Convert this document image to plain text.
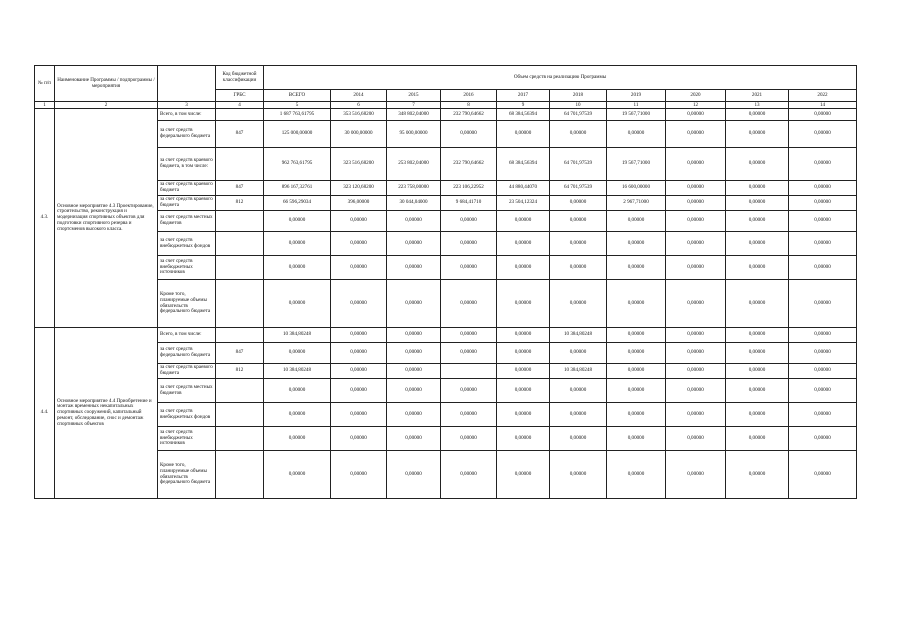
№ п/п	Наименование Программы / подпрограммы / мероприятия		Код бюджетной классификации	Объем средств на реализацию Программы									
			ГРБС	ВСЕГО	2014	2015	2016	2017	2018	2019	2020	2021	2022
1	2	3	4	5	6	7	8	9	10	11	12	13	14
4.3.	Основное мероприятие 4.3 Проектирование, строительство, реконструкция и модернизация спортивных объектов для подготовки спортивного резерва и спортсменов высокого класса.	Всего, в том числе:		1 687 763,61795	353 516,68200	348 802,04000	232 790,64662	68 384,56394	64 701,97539	19 567,71000	0,00000	0,00000	0,00000
		за счет средств федерального бюджета	847	125 000,00000	30 000,00000	95 000,00000	0,00000	0,00000	0,00000	0,00000	0,00000	0,00000	0,00000
		за счет средств краевого бюджета, в том числе:		962 763,61795	323 516,68200	253 802,04000	232 790,64662	68 384,56394	64 701,97539	19 567,71000	0,00000	0,00000	0,00000
		за счет средств краевого бюджета	847	896 167,32761	323 120,68200	223 758,00000	223 106,22952	44 880,44070	64 701,97539	16 600,00000	0,00000	0,00000	0,00000
		за счет средств краевого бюджета	812	66 596,29034	396,00000	30 044,04000	9 684,41710	23 504,12324	0,00000	2 967,71000	0,00000	0,00000	0,00000
		за счет средств местных бюджетов		0,00000	0,00000	0,00000	0,00000	0,00000	0,00000	0,00000	0,00000	0,00000	0,00000
		за счет средств внебюджетных фондов		0,00000	0,00000	0,00000	0,00000	0,00000	0,00000	0,00000	0,00000	0,00000	0,00000
		за счет средств внебюджетных источников		0,00000	0,00000	0,00000	0,00000	0,00000	0,00000	0,00000	0,00000	0,00000	0,00000
		Кроме того, планируемые объемы обязательств федерального бюджета		0,00000	0,00000	0,00000	0,00000	0,00000	0,00000	0,00000	0,00000	0,00000	0,00000
4.4.	Основное мероприятие 4.4 Приобретение и монтаж временных некапитальных спортивных сооружений, капитальный ремонт, обследование, снос и демонтаж спортивных объектов	Всего, в том числе:		10 384,80248	0,00000	0,00000	0,00000	0,00000	10 384,80248	0,00000	0,00000	0,00000	0,00000
		за счет средств федерального бюджета	847	0,00000	0,00000	0,00000	0,00000	0,00000	0,00000	0,00000	0,00000	0,00000	0,00000
		за счет средств краевого бюджета	812	10 384,80248	0,00000	0,00000		0,00000	10 384,80248	0,00000	0,00000	0,00000	0,00000
		за счет средств местных бюджетов		0,00000	0,00000	0,00000	0,00000	0,00000	0,00000	0,00000	0,00000	0,00000	0,00000
		за счет средств внебюджетных фондов		0,00000	0,00000	0,00000	0,00000	0,00000	0,00000	0,00000	0,00000	0,00000	0,00000
		за счет средств внебюджетных источников		0,00000	0,00000	0,00000	0,00000	0,00000	0,00000	0,00000	0,00000	0,00000	0,00000
		Кроме того, планируемые объемы обязательств федерального бюджета		0,00000	0,00000	0,00000	0,00000	0,00000	0,00000	0,00000	0,00000	0,00000	0,00000
